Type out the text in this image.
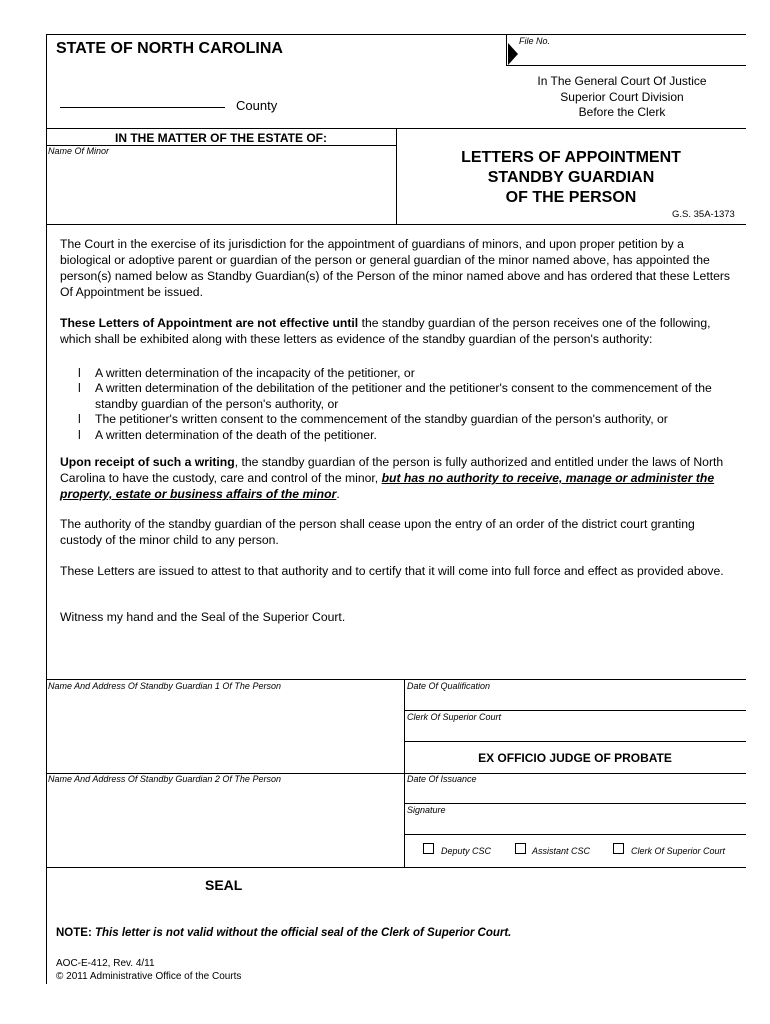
STATE OF NORTH CAROLINA	File No.
County
In The General Court Of Justice
Superior Court Division
Before the Clerk
IN THE MATTER OF THE ESTATE OF:
Name Of Minor	LETTERS OF APPOINTMENT
STANDBY GUARDIAN
OF THE PERSON
G.S. 35A-1373

The Court in the exercise of its jurisdiction for the appointment of guardians of minors, and upon proper petition by a biological or adoptive parent or guardian of the person or general guardian of the minor named above, has appointed the person(s) named below as Standby Guardian(s) of the Person of the minor named above and has ordered that these Letters Of Appointment be issued.

These Letters of Appointment are not effective until the standby guardian of the person receives one of the following, which shall be exhibited along with these letters as evidence of the standby guardian of the person's authority:

l A written determination of the incapacity of the petitioner, or
l A written determination of the debilitation of the petitioner and the petitioner's consent to the commencement of the standby guardian of the person's authority, or
l The petitioner's written consent to the commencement of the standby guardian of the person's authority, or
l A written determination of the death of the petitioner.

Upon receipt of such a writing, the standby guardian of the person is fully authorized and entitled under the laws of North Carolina to have the custody, care and control of the minor, but has no authority to receive, manage or administer the property, estate or business affairs of the minor.

The authority of the standby guardian of the person shall cease upon the entry of an order of the district court granting custody of the minor child to any person.

These Letters are issued to attest to that authority and to certify that it will come into full force and effect as provided above.

Witness my hand and the Seal of the Superior Court.

Name And Address Of Standby Guardian 1 Of The Person	Date Of Qualification
Clerk Of Superior Court
EX OFFICIO JUDGE OF PROBATE
Name And Address Of Standby Guardian 2 Of The Person	Date Of Issuance
Signature
Deputy CSC	Assistant CSC	Clerk Of Superior Court
SEAL
NOTE: This letter is not valid without the official seal of the Clerk of Superior Court.
AOC-E-412, Rev. 4/11
© 2011 Administrative Office of the Courts
